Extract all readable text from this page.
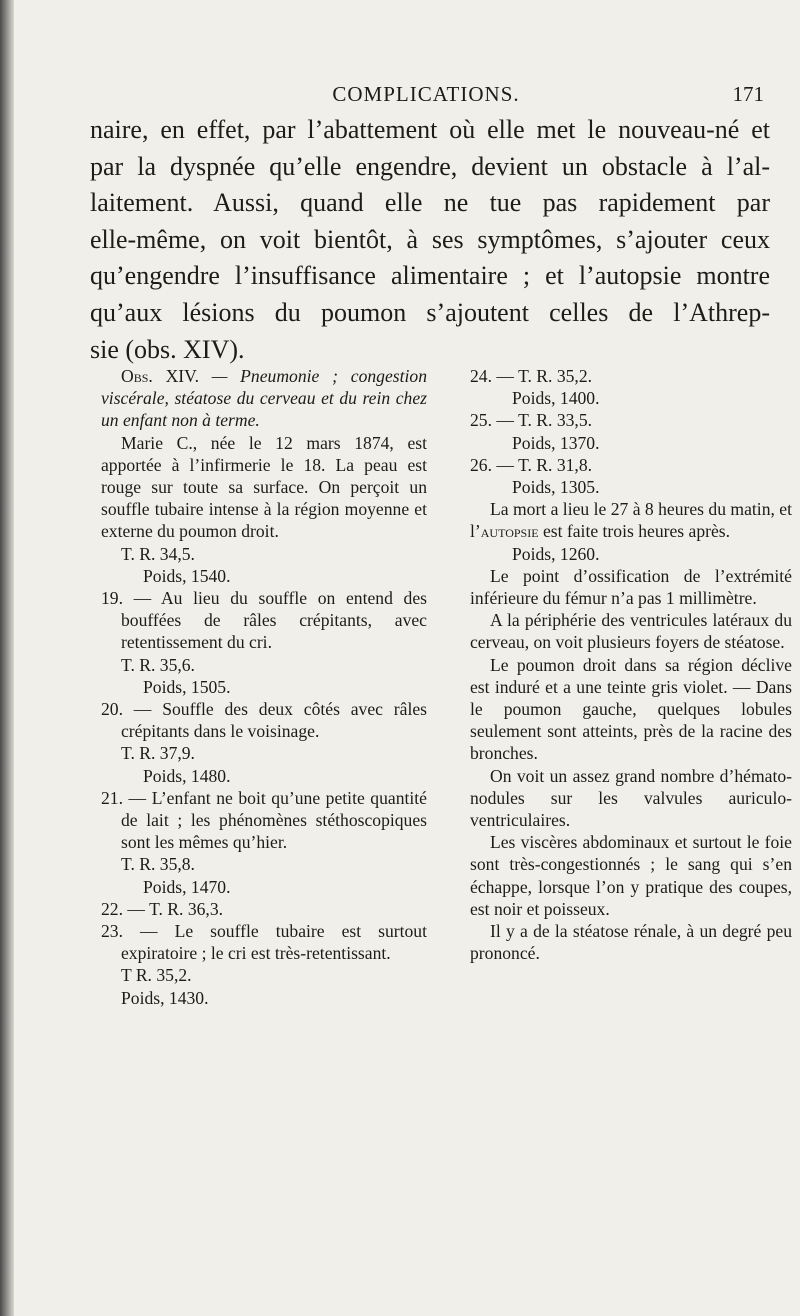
COMPLICATIONS.	171
naire, en effet, par l’abattement où elle met le nouveau-né et
par la dyspnée qu’elle engendre, devient un obstacle à l’al-
laitement. Aussi, quand elle ne tue pas rapidement par
elle-même, on voit bientôt, à ses symptômes, s’ajouter ceux
qu’engendre l’insuffisance alimentaire ; et l’autopsie montre
qu’aux lésions du poumon s’ajoutent celles de l’Athrep-
sie (obs. XIV).

Obs. XIV. — Pneumonie ; congestion viscérale, stéatose du cerveau et du rein chez un enfant non à terme.

Marie C., née le 12 mars 1874, est apportée à l’infirmerie le 18. La peau est rouge sur toute sa surface. On perçoit un souffle tubaire intense à la région moyenne et externe du poumon droit.

T. R. 34,5.

Poids, 1540.

19. — Au lieu du souffle on entend des bouffées de râles crépitants, avec retentissement du cri.

T. R. 35,6.

Poids, 1505.

20. — Souffle des deux côtés avec râles crépitants dans le voisinage.

T. R. 37,9.

Poids, 1480.

21. — L’enfant ne boit qu’une petite quantité de lait ; les phénomènes stéthoscopiques sont les mêmes qu’hier.

T. R. 35,8.

Poids, 1470.

22. — T. R. 36,3.

23. — Le souffle tubaire est surtout expiratoire ; le cri est très-retentissant.

T R. 35,2.

Poids, 1430.

24. — T. R. 35,2.

Poids, 1400.

25. — T. R. 33,5.

Poids, 1370.

26. — T. R. 31,8.

Poids, 1305.

La mort a lieu le 27 à 8 heures du matin, et l’autopsie est faite trois heures après.

Poids, 1260.

Le point d’ossification de l’extrémité inférieure du fémur n’a pas 1 millimètre.

A la périphérie des ventricules latéraux du cerveau, on voit plusieurs foyers de stéatose.

Le poumon droit dans sa région déclive est induré et a une teinte gris violet. — Dans le poumon gauche, quelques lobules seulement sont atteints, près de la racine des bronches.

On voit un assez grand nombre d’hémato-nodules sur les valvules auriculo-ventriculaires.

Les viscères abdominaux et surtout le foie sont très-congestionnés ; le sang qui s’en échappe, lorsque l’on y pratique des coupes, est noir et poisseux.

Il y a de la stéatose rénale, à un degré peu prononcé.
